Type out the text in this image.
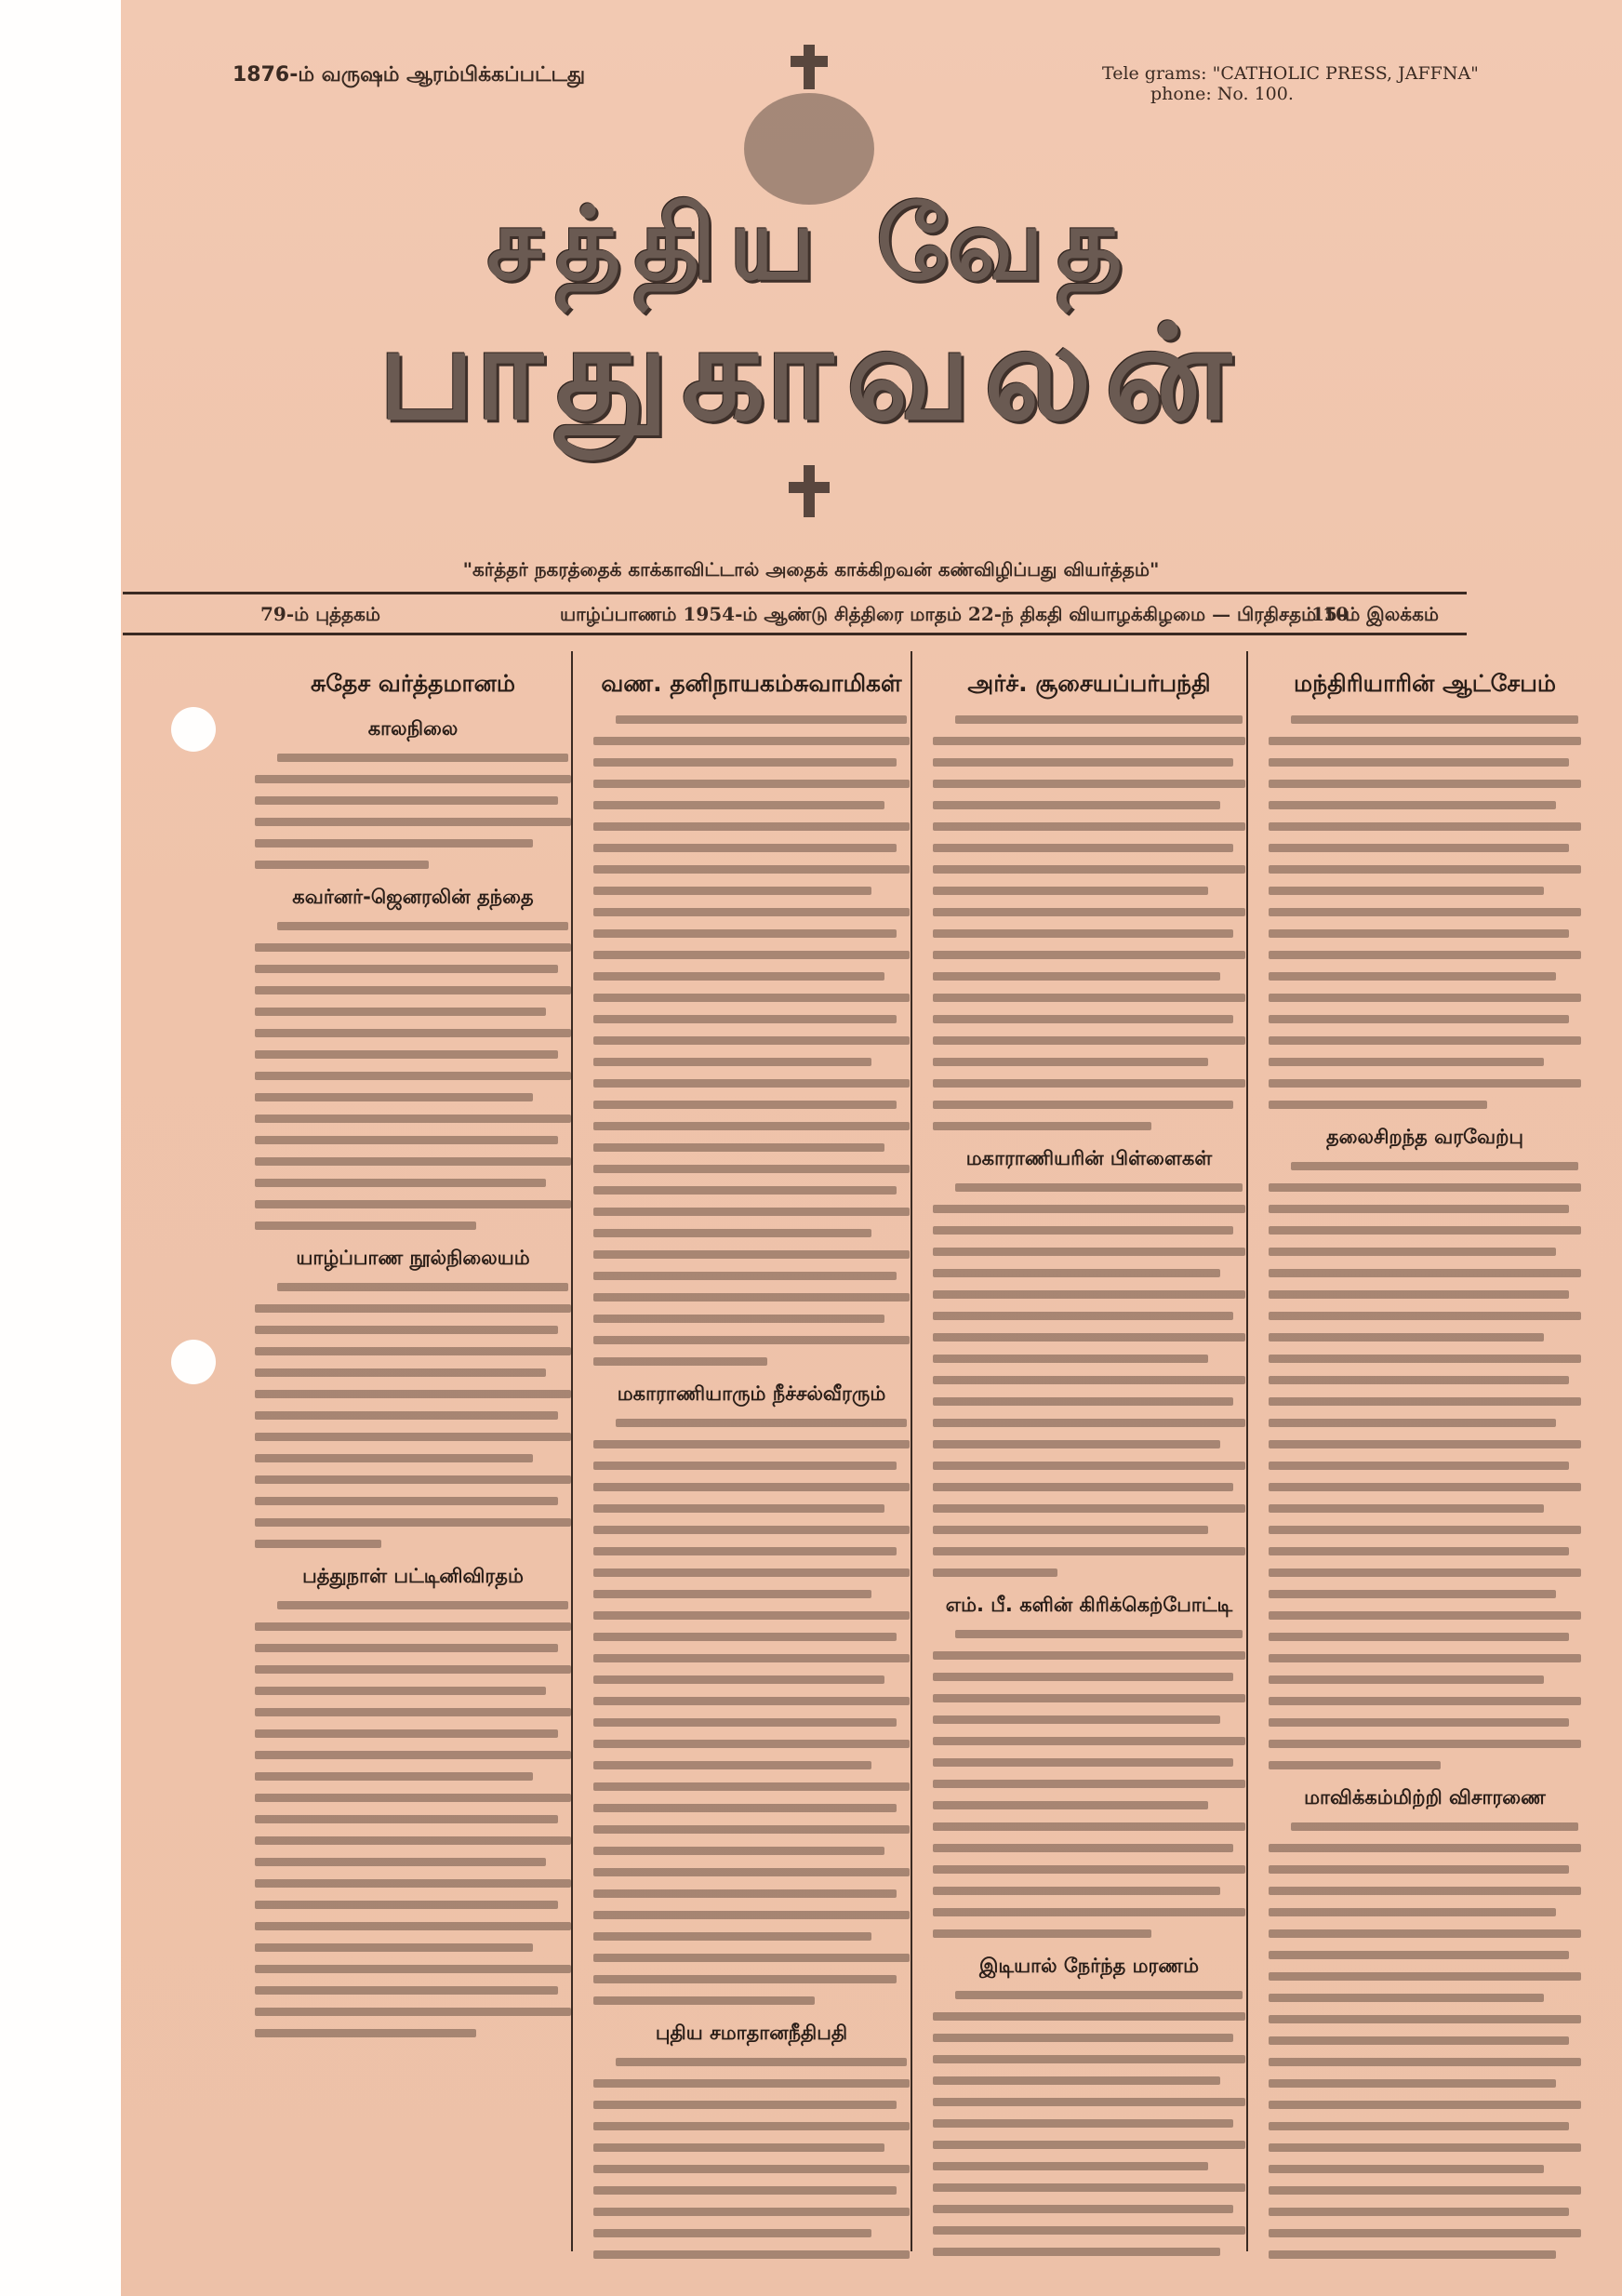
1876-ம் வருஷம் ஆரம்பிக்கப்பட்டது	Tele grams: "CATHOLIC PRESS, JAFFNA"
phone: No. 100.
சத்திய வேத
பாதுகாவலன்
"கர்த்தர் நகரத்தைக் காக்காவிட்டால் அதைக் காக்கிறவன் கண்விழிப்பது வியர்த்தம்"
79-ம் புத்தகம்	யாழ்ப்பாணம் 1954-ம் ஆண்டு சித்திரை மாதம் 22-ந் திகதி வியாழக்கிழமை — பிரதிசதம் 10
15-ம் இலக்கம்
சுதேச வர்த்தமானம்
காலநிலை
கவர்னர்-ஜெனரலின் தந்தை
யாழ்ப்பாண நூல்நிலையம்
பத்துநாள் பட்டினிவிரதம்
வண. தனிநாயகம்சுவாமிகள்
மகாராணியாரும் நீச்சல்வீரரும்
புதிய சமாதானநீதிபதி
அர்ச். சூசையப்பர்பந்தி
மகாராணியரின் பிள்ளைகள்
எம். பீ. களின் கிரிக்கெற்போட்டி
இடியால் நேர்ந்த மரணம்
மந்திரியாரின் ஆட்சேபம்
தலைசிறந்த வரவேற்பு
மாவிக்கம்மிற்றி விசாரணை
